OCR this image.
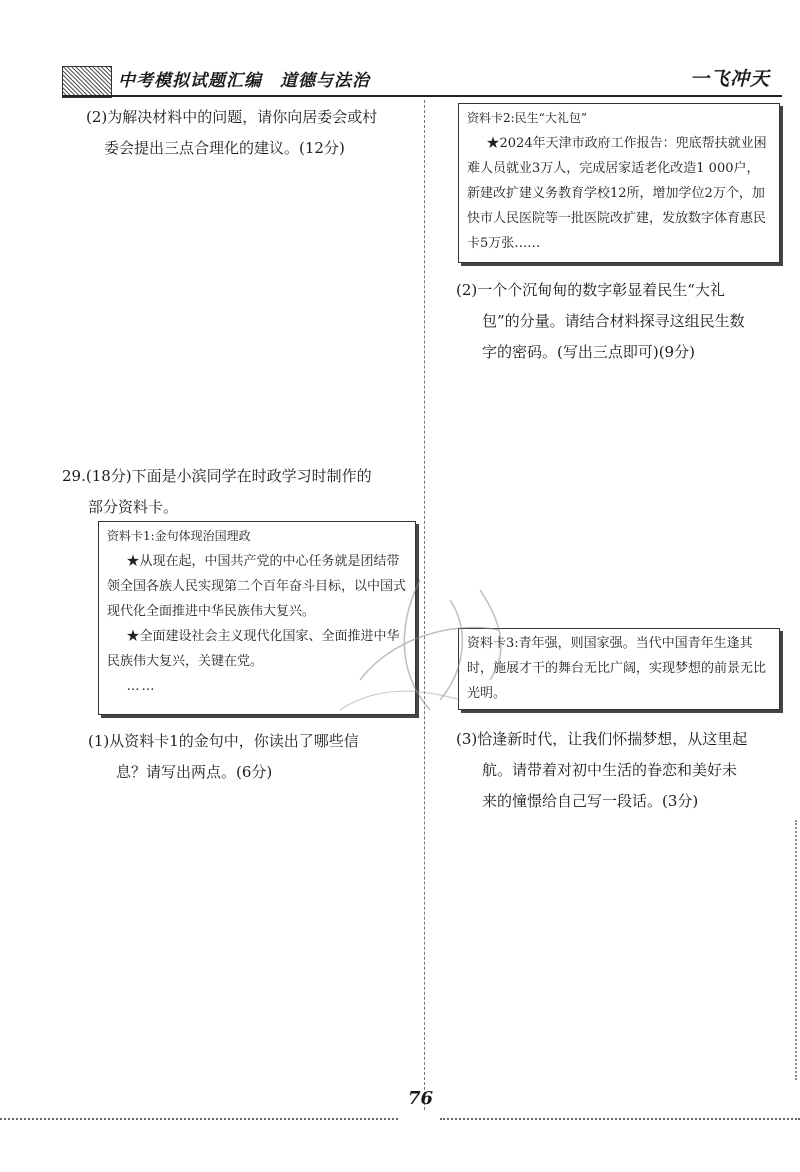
中考模拟试题汇编　道德与法治	一飞冲天
(2)为解决材料中的问题，请你向居委会或村
委会提出三点合理化的建议。(12分)
29.(18分)下面是小滨同学在时政学习时制作的
部分资料卡。
资料卡1:金句体现治国理政

★从现在起，中国共产党的中心任务就是团结带领全国各族人民实现第二个百年奋斗目标，以中国式现代化全面推进中华民族伟大复兴。

★全面建设社会主义现代化国家、全面推进中华民族伟大复兴，关键在党。

……

(1)从资料卡1的金句中，你读出了哪些信
息？请写出两点。(6分)
资料卡2:民生“大礼包”

★2024年天津市政府工作报告：兜底帮扶就业困难人员就业3万人，完成居家适老化改造1 000户，新建改扩建义务教育学校12所，增加学位2万个，加快市人民医院等一批医院改扩建，发放数字体育惠民卡5万张……

(2)一个个沉甸甸的数字彰显着民生“大礼
包”的分量。请结合材料探寻这组民生数
字的密码。(写出三点即可)(9分)

资料卡3:青年强，则国家强。当代中国青年生逢其时，施展才干的舞台无比广阔，实现梦想的前景无比光明。

(3)恰逢新时代，让我们怀揣梦想，从这里起
航。请带着对初中生活的眷恋和美好未
来的憧憬给自己写一段话。(3分)
76
